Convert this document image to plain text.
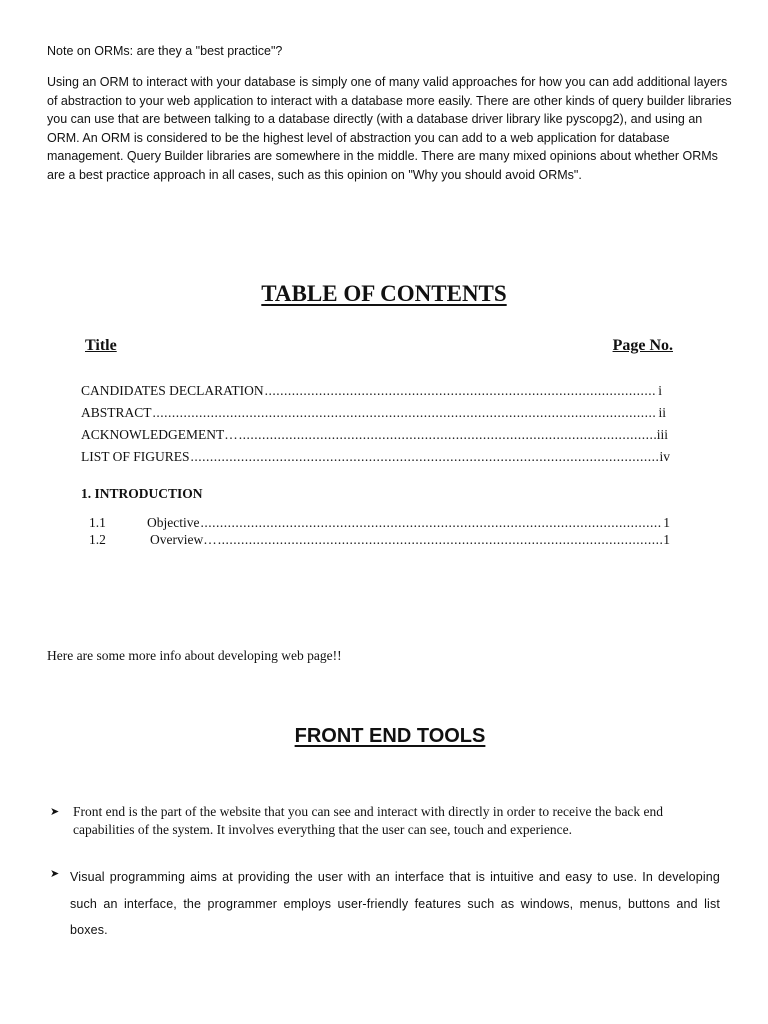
Note on ORMs: are they a "best practice"?

Using an ORM to interact with your database is simply one of many valid approaches for how you can add additional layers of abstraction to your web application to interact with a database more easily. There are other kinds of query builder libraries you can use that are between talking to a database directly (with a database driver library like pyscopg2), and using an ORM. An ORM is considered to be the highest level of abstraction you can add to a web application for database management. Query Builder libraries are somewhere in the middle. There are many mixed opinions about whether ORMs are a best practice approach in all cases, such as this opinion on "Why you should avoid ORMs".

TABLE OF CONTENTS
Title	Page No.
CANDIDATES DECLARATION .....	i
ABSTRACT .....	ii
ACKNOWLEDGEMENT… .....	iii
LIST OF FIGURES .....	iv
1. INTRODUCTION
1.1	Objective .....	1
1.2	Overview… .....	1
Here are some more info about developing web page!!
FRONT END TOOLS
➤ Front end is the part of the website that you can see and interact with directly in order to receive the back end capabilities of the system. It involves everything that the user can see, touch and experience.

➤ Visual programming aims at providing the user with an interface that is intuitive and easy to use. In developing such an interface, the programmer employs user-friendly features such as windows, menus, buttons and list boxes.
